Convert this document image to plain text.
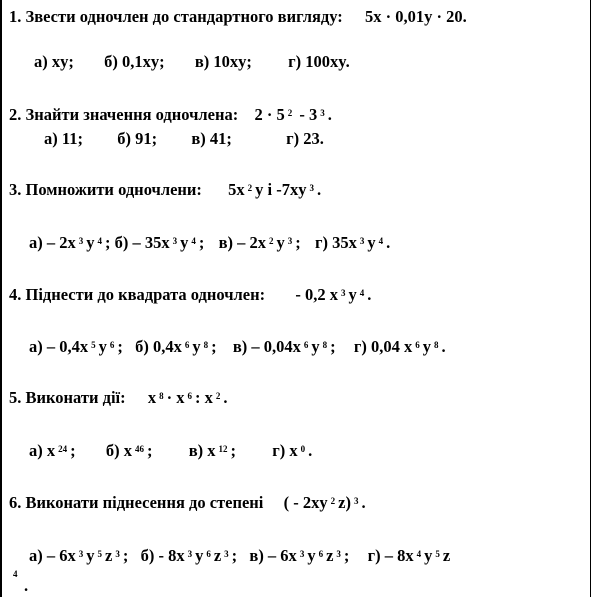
1. Звести одночлен до стандартного вигляду: 5x · 0,01y · 20.
а) xy; б) 0,1xy; в) 10xy; г) 100xy.
2. Знайти значення одночлена: 2 · 5 $^2$ - 3 $^3$ .
а) 11; б) 91; в) 41;	г) 23.
3. Помножити одночлени: 5x $^2$ y і -7xy $^3$ .
а) – 2x $^3$ y $^4$ ; б) – 35x $^3$ y $^4$ ; в) – 2x $^2$ y $^3$ ; г) 35x $^3$ y $^4$ .
4. Піднести до квадрата одночлен: - 0,2 x $^3$ y $^4$ .
а) – 0,4x $^5$ y $^6$ ; б) 0,4x $^6$ y $^8$ ; в) – 0,04x $^6$ y $^8$ ; г) 0,04 x $^6$ y $^8$ .
5. Виконати дії: x $^8$ · x $^6$ : x $^2$ .
а) x $^{24}$ ; б) x $^{46}$ ; в) x $^{12}$ ; г) x $^0$ .
6. Виконати піднесення до степені ( - 2xy $^2$ z) $^3$ .
а) – 6x $^3$ y $^5$ z $^3$ ; б) - 8x $^3$ y $^6$ z $^3$ ; в) – 6x $^3$ y $^6$ z $^3$ ; г) – 8x $^4$ y $^5$ z
$^4$
.
